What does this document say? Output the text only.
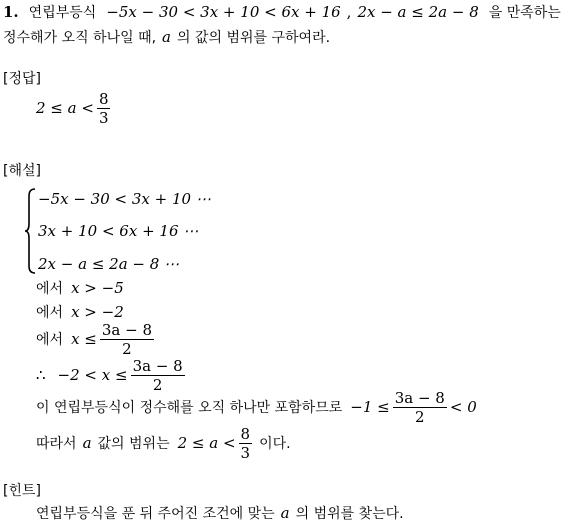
1. 연립부등식 −5x − 30 < 3x + 10 < 6x + 16 , 2x − a ≤ 2a − 8 을 만족하는
정수해가 오직 하나일 때, a 의 값의 범위를 구하여라.
[정답]
$2 \le a < \frac{8}{3}$
[해설]
−5x − 30 < 3x + 10 ⋯
3x + 10 < 6x + 16 ⋯
2x − a ≤ 2a − 8 ⋯
에서 x > −5
에서 x > −2
에서 $x \le \frac{3a - 8}{2}$
∴ $-2 < x \le \frac{3a - 8}{2}$
이 연립부등식이 정수해를 오직 하나만 포함하므로 $-1 \le \frac{3a - 8}{2} < 0$
따라서 a 값의 범위는 $2 \le a < \frac{8}{3}$ 이다.
[힌트]
연립부등식을 푼 뒤 주어진 조건에 맞는 a 의 범위를 찾는다.
